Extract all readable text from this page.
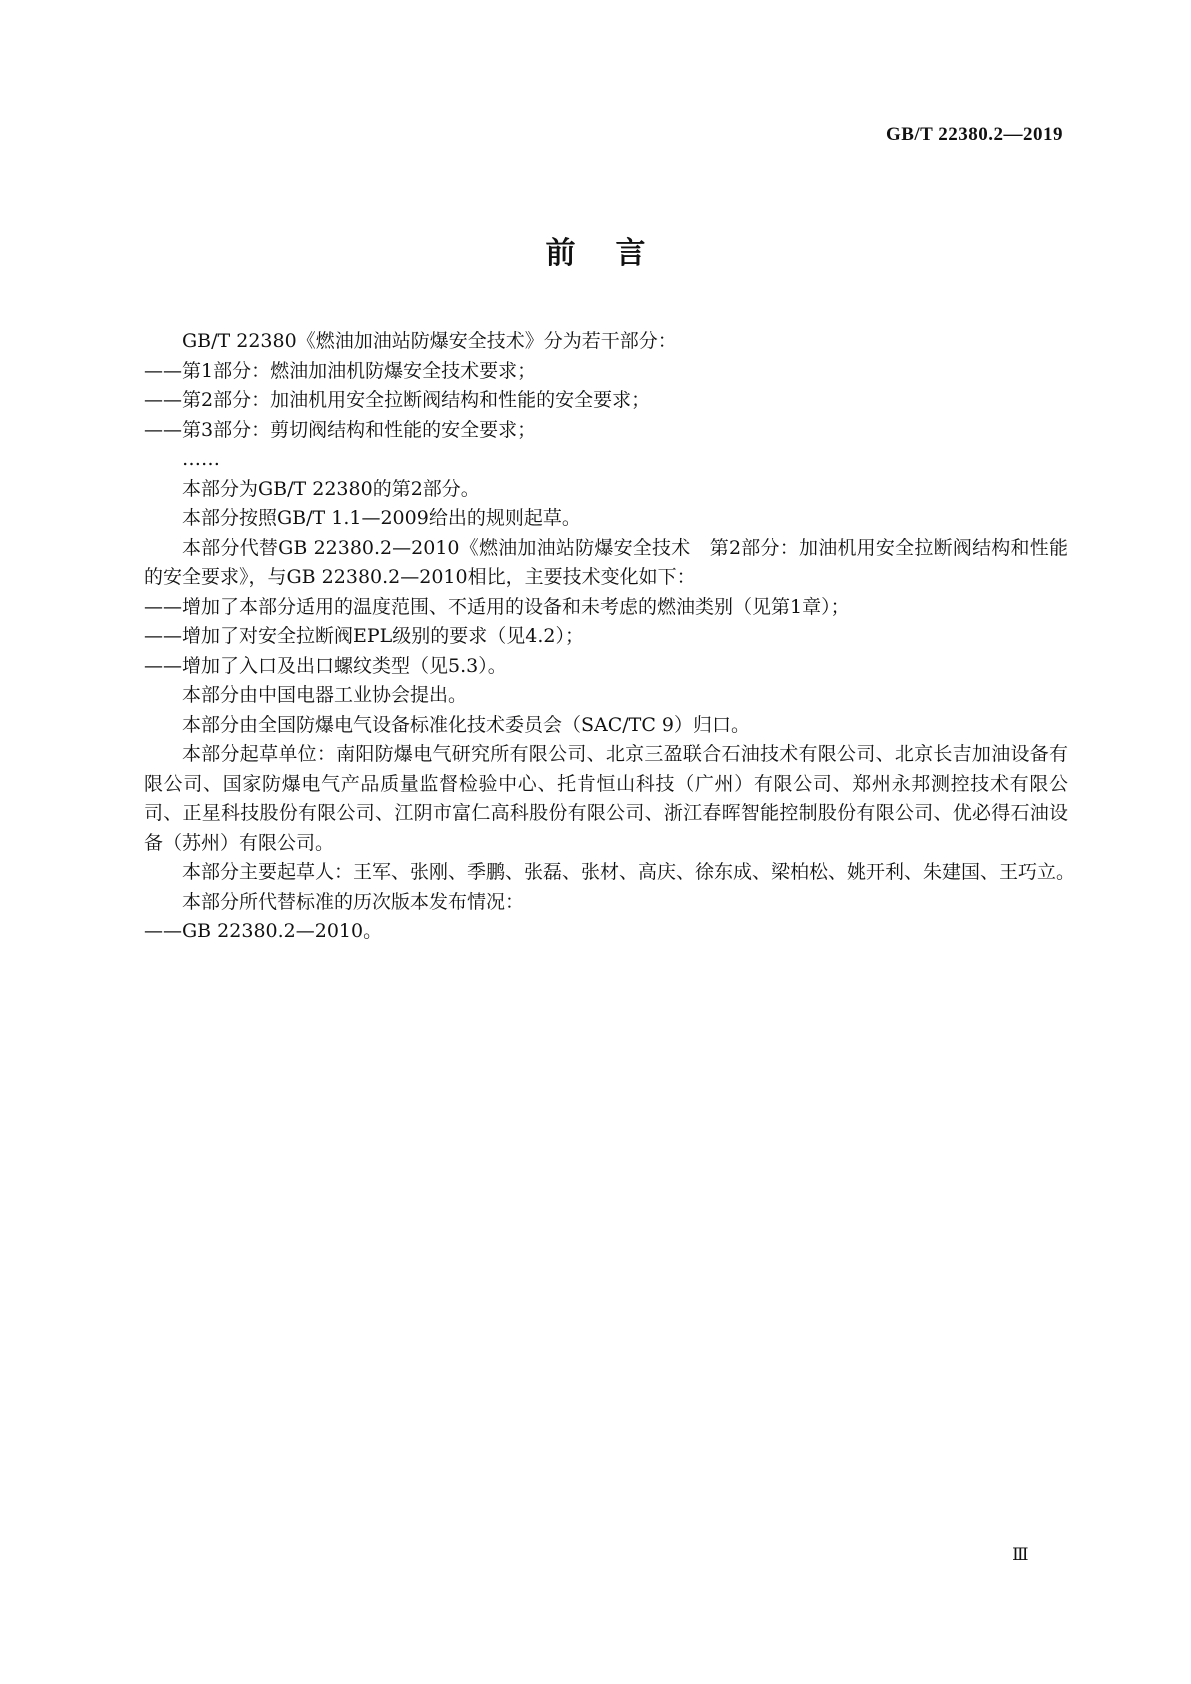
GB/T 22380.2—2019
前言

GB/T 22380《燃油加油站防爆安全技术》分为若干部分：

——第1部分：燃油加油机防爆安全技术要求；

——第2部分：加油机用安全拉断阀结构和性能的安全要求；

——第3部分：剪切阀结构和性能的安全要求；

……

本部分为GB/T 22380的第2部分。

本部分按照GB/T 1.1—2009给出的规则起草。

本部分代替GB 22380.2—2010《燃油加油站防爆安全技术　第2部分：加油机用安全拉断阀结构和性能的安全要求》，与GB 22380.2—2010相比，主要技术变化如下：

——增加了本部分适用的温度范围、不适用的设备和未考虑的燃油类别（见第1章）；

——增加了对安全拉断阀EPL级别的要求（见4.2）；

——增加了入口及出口螺纹类型（见5.3）。

本部分由中国电器工业协会提出。

本部分由全国防爆电气设备标准化技术委员会（SAC/TC 9）归口。

本部分起草单位：南阳防爆电气研究所有限公司、北京三盈联合石油技术有限公司、北京长吉加油设备有限公司、国家防爆电气产品质量监督检验中心、托肯恒山科技（广州）有限公司、郑州永邦测控技术有限公司、正星科技股份有限公司、江阴市富仁高科股份有限公司、浙江春晖智能控制股份有限公司、优必得石油设备（苏州）有限公司。

本部分主要起草人：王军、张刚、季鹏、张磊、张材、高庆、徐东成、梁柏松、姚开利、朱建国、王巧立。

本部分所代替标准的历次版本发布情况：

——GB 22380.2—2010。

Ⅲ
